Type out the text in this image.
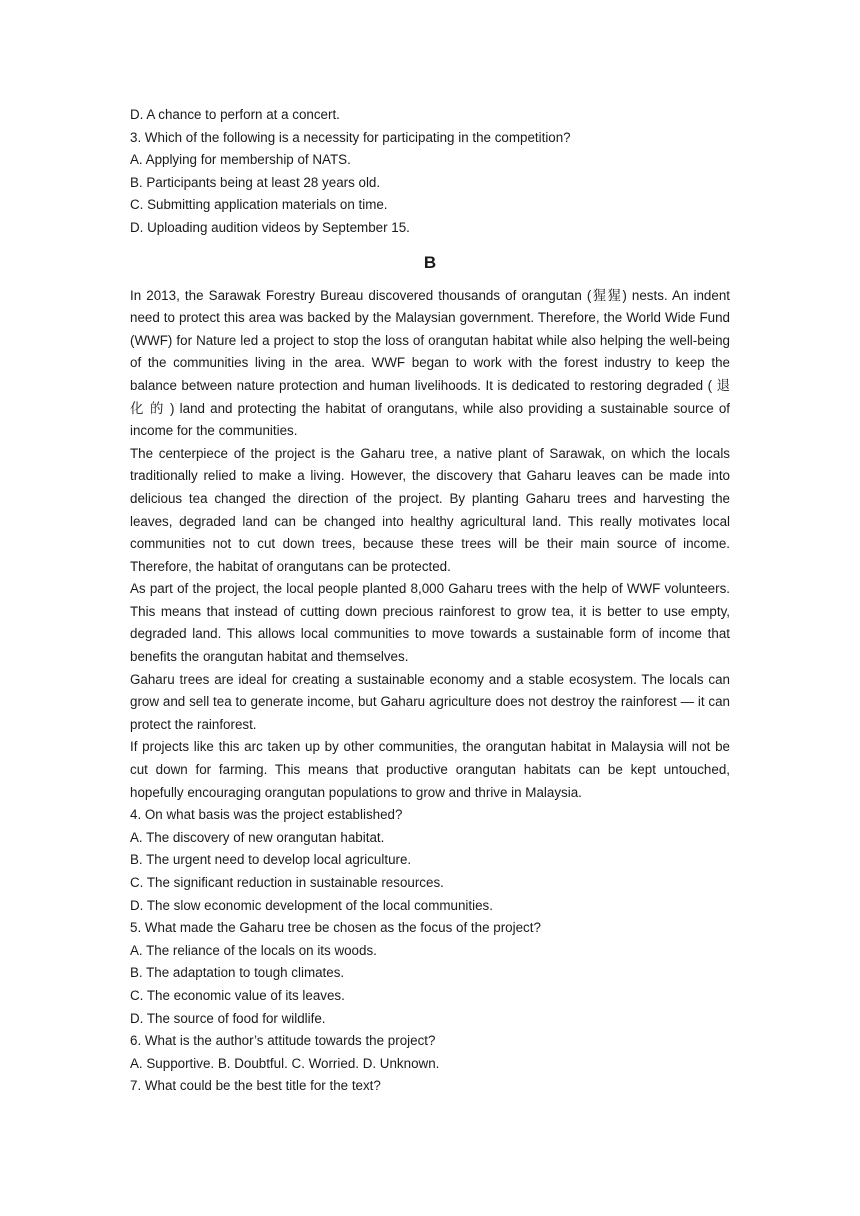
D. A chance to perforn at a concert.

3. Which of the following is a necessity for participating in the competition?

A. Applying for membership of NATS.

B. Participants being at least 28 years old.

C. Submitting application materials on time.

D. Uploading audition videos by September 15.

B

In 2013, the Sarawak Forestry Bureau discovered thousands of orangutan (猩猩) nests. An indent need to protect this area was backed by the Malaysian government. Therefore, the World Wide Fund (WWF) for Nature led a project to stop the loss of orangutan habitat while also helping the well-being of the communities living in the area. WWF began to work with the forest industry to keep the balance between nature protection and human livelihoods. It is dedicated to restoring degraded ( 退 化 的 ) land and protecting the habitat of orangutans, while also providing a sustainable source of income for the communities.

The centerpiece of the project is the Gaharu tree, a native plant of Sarawak, on which the locals traditionally relied to make a living. However, the discovery that Gaharu leaves can be made into delicious tea changed the direction of the project. By planting Gaharu trees and harvesting the leaves, degraded land can be changed into healthy agricultural land. This really motivates local communities not to cut down trees, because these trees will be their main source of income. Therefore, the habitat of orangutans can be protected.

As part of the project, the local people planted 8,000 Gaharu trees with the help of WWF volunteers. This means that instead of cutting down precious rainforest to grow tea, it is better to use empty, degraded land. This allows local communities to move towards a sustainable form of income that benefits the orangutan habitat and themselves.

Gaharu trees are ideal for creating a sustainable economy and a stable ecosystem. The locals can grow and sell tea to generate income, but Gaharu agriculture does not destroy the rainforest — it can protect the rainforest.

If projects like this arc taken up by other communities, the orangutan habitat in Malaysia will not be cut down for farming. This means that productive orangutan habitats can be kept untouched, hopefully encouraging orangutan populations to grow and thrive in Malaysia.

4. On what basis was the project established?

A. The discovery of new orangutan habitat.

B. The urgent need to develop local agriculture.

C. The significant reduction in sustainable resources.

D. The slow economic development of the local communities.

5. What made the Gaharu tree be chosen as the focus of the project?

A. The reliance of the locals on its woods.

B. The adaptation to tough climates.

C. The economic value of its leaves.

D. The source of food for wildlife.

6. What is the author’s attitude towards the project?

A. Supportive. B. Doubtful. C. Worried. D. Unknown.

7. What could be the best title for the text?
